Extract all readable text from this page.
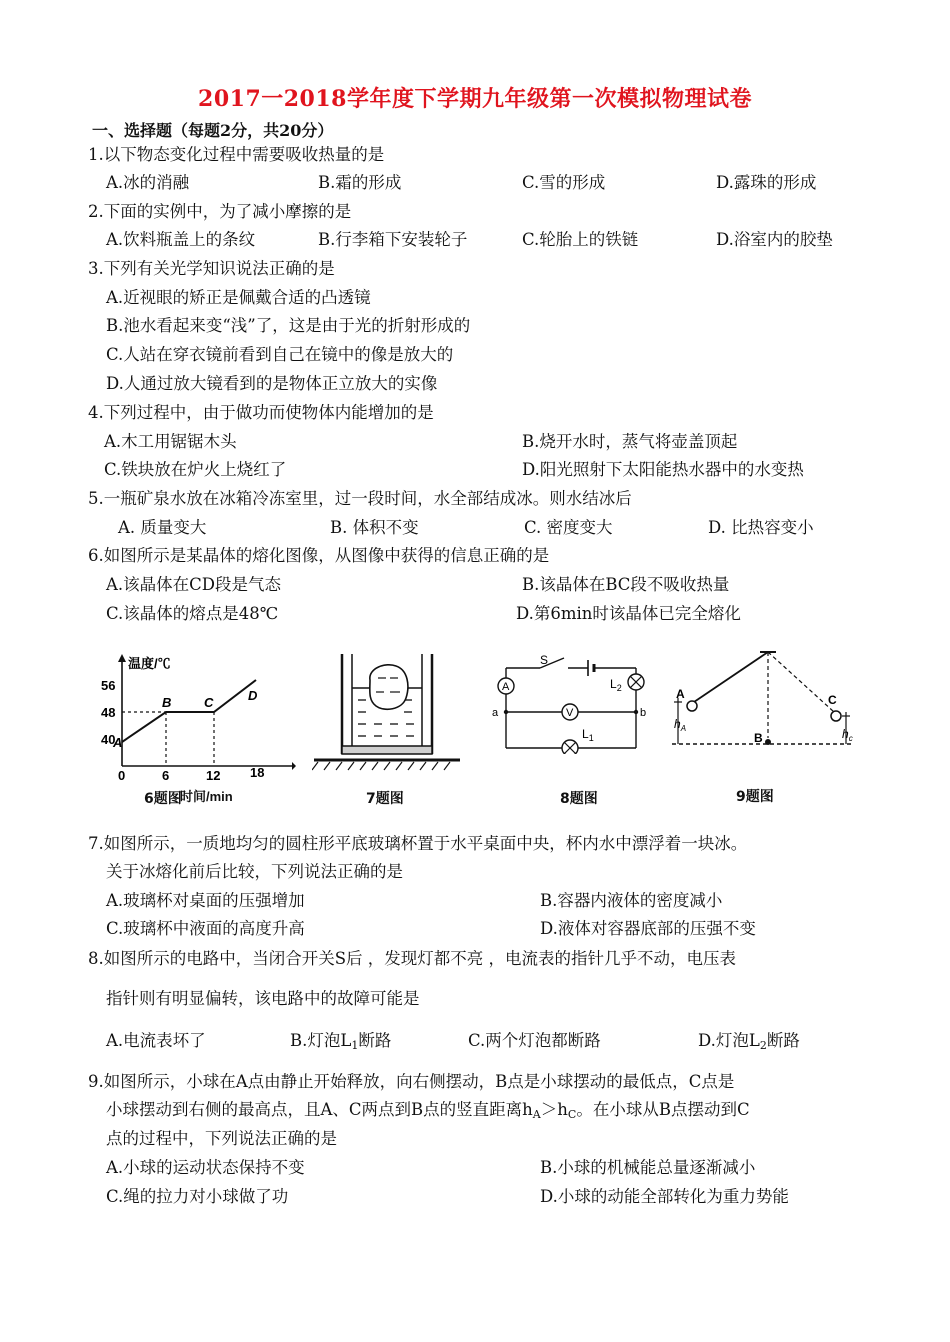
2017一2018学年度下学期九年级第一次模拟物理试卷
一、选择题（每题2分，共20分）
1.以下物态变化过程中需要吸收热量的是
A.冰的消融	B.霜的形成	C.雪的形成	D.露珠的形成
2.下面的实例中，为了减小摩擦的是
A.饮料瓶盖上的条纹	B.行李箱下安装轮子	C.轮胎上的铁链	D.浴室内的胶垫
3.下列有关光学知识说法正确的是
A.近视眼的矫正是佩戴合适的凸透镜
B.池水看起来变“浅”了，这是由于光的折射形成的
C.人站在穿衣镜前看到自己在镜中的像是放大的
D.人通过放大镜看到的是物体正立放大的实像
4.下列过程中，由于做功而使物体内能增加的是
A.木工用锯锯木头	B.烧开水时，蒸气将壶盖顶起
C.铁块放在炉火上烧红了	D.阳光照射下太阳能热水器中的水变热
5.一瓶矿泉水放在冰箱冷冻室里，过一段时间，水全部结成冰。则水结冰后
A. 质量变大	B. 体积不变	C. 密度变大	D. 比热容变小
6.如图所示是某晶体的熔化图像，从图像中获得的信息正确的是
A.该晶体在CD段是气态	B.该晶体在BC段不吸收热量
C.该晶体的熔点是48℃	D.第6min时该晶体已完全熔化
温度/℃
56
48
40
A
B	C	D
0	6	12 18
时间/min
6题图	7题图
S
$L_2$
A
a	V	b
$L_1$
8题图
A
B
C
$h_A$	$h_c$
9题图
7.如图所示，一质地均匀的圆柱形平底玻璃杯置于水平桌面中央，杯内水中漂浮着一块冰。
关于冰熔化前后比较，下列说法正确的是
A.玻璃杯对桌面的压强增加	B.容器内液体的密度减小
C.玻璃杯中液面的高度升高	D.液体对容器底部的压强不变
8.如图所示的电路中，当闭合开关S后 ，发现灯都不亮 ，电流表的指针几乎不动，电压表
指针则有明显偏转，该电路中的故障可能是
A.电流表坏了	B.灯泡$L_1$断路	C.两个灯泡都断路	D.灯泡$L_2$断路
9.如图所示，小球在A点由静止开始释放，向右侧摆动，B点是小球摆动的最低点，C点是
小球摆动到右侧的最高点，且A、C两点到B点的竖直距离$h_A>h_C$。在小球从B点摆动到C
点的过程中，下列说法正确的是
A.小球的运动状态保持不变	B.小球的机械能总量逐渐减小
C.绳的拉力对小球做了功	D.小球的动能全部转化为重力势能
